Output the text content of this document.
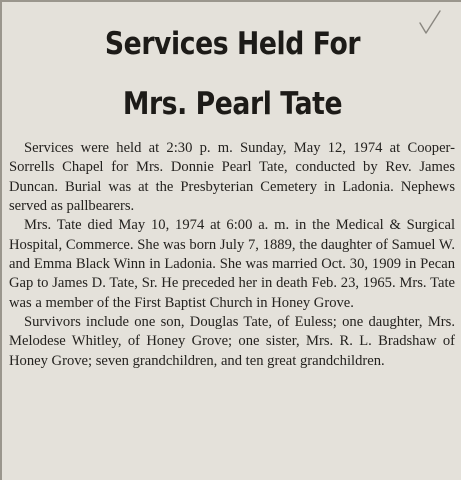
Services Held For
Mrs. Pearl Tate

Services were held at 2:30 p. m. Sunday, May 12, 1974 at Cooper-Sorrells Chapel for Mrs. Donnie Pearl Tate, conducted by Rev. James Duncan. Burial was at the Presbyterian Cemetery in Ladonia. Nephews served as pallbearers.

Mrs. Tate died May 10, 1974 at 6:00 a. m. in the Medical & Surgical Hospital, Commerce. She was born July 7, 1889, the daughter of Samuel W. and Emma Black Winn in Ladonia. She was married Oct. 30, 1909 in Pecan Gap to James D. Tate, Sr. He preceded her in death Feb. 23, 1965. Mrs. Tate was a member of the First Baptist Church in Honey Grove.

Survivors include one son, Douglas Tate, of Euless; one daughter, Mrs. Melodese Whitley, of Honey Grove; one sister, Mrs. R. L. Bradshaw of Honey Grove; seven grandchildren, and ten great grandchildren.
